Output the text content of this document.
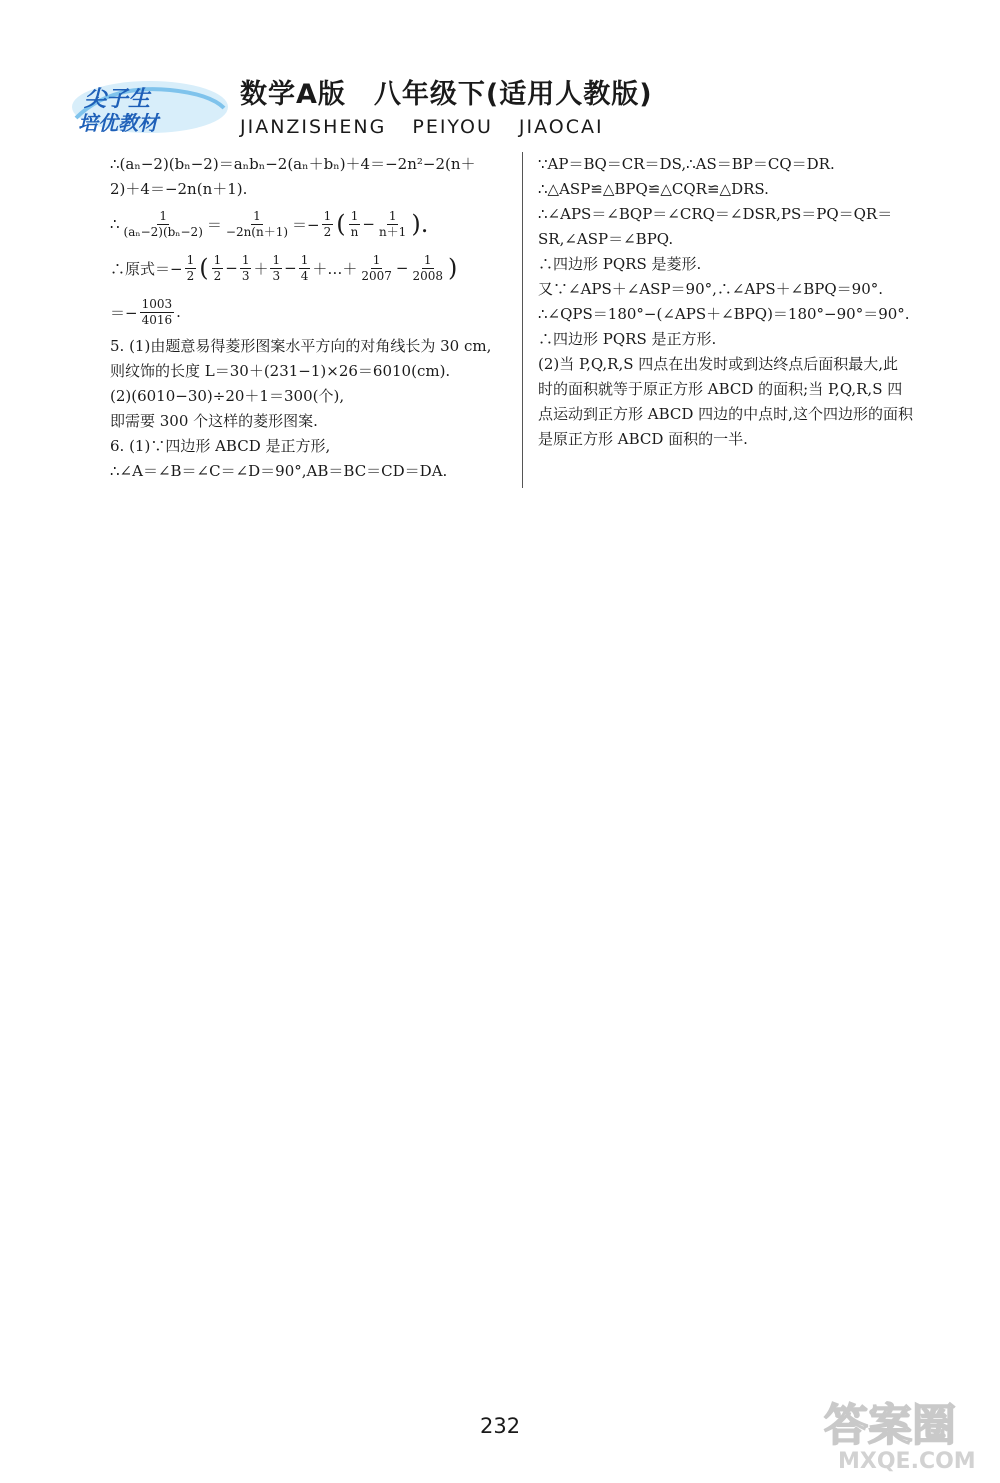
尖子生
培优教材
数学A版　八年级下(适用人教版)
JIANZISHENG PEIYOU JIAOCAI
∴(aₙ−2)(bₙ−2)＝aₙbₙ−2(aₙ＋bₙ)＋4＝−2n²−2(n＋
2)＋4＝−2n(n＋1).
∴ $\frac{1}{\text{(aₙ−2)(bₙ−2)}} = \frac{1}{-2n(n+1)} =- \frac{1}{2}$ ( $\frac{1}{n} - \frac{1}{n+1}$ ).
∴原式＝− $\frac{1}{2}$ ( $\frac{1}{2} - \frac{1}{3} + \frac{1}{3} - \frac{1}{4}$ ＋…＋ $\frac{1}{2007} - \frac{1}{2008}$ )
＝− $\frac{1003}{4016}$ .
5. (1)由题意易得菱形图案水平方向的对角线长为 30 cm,
则纹饰的长度 L＝30＋(231−1)×26＝6010(cm).
(2)(6010−30)÷20＋1＝300(个),
即需要 300 个这样的菱形图案.
6. (1)∵四边形 ABCD 是正方形,
∴∠A＝∠B＝∠C＝∠D＝90°,AB＝BC＝CD＝DA.
∵AP＝BQ＝CR＝DS,∴AS＝BP＝CQ＝DR.
∴△ASP≌△BPQ≌△CQR≌△DRS.
∴∠APS＝∠BQP＝∠CRQ＝∠DSR,PS＝PQ＝QR＝
SR,∠ASP＝∠BPQ.
∴四边形 PQRS 是菱形.
又∵∠APS＋∠ASP＝90°,∴∠APS＋∠BPQ＝90°.
∴∠QPS＝180°−(∠APS＋∠BPQ)＝180°−90°＝90°.
∴四边形 PQRS 是正方形.
(2)当 P,Q,R,S 四点在出发时或到达终点后面积最大,此
时的面积就等于原正方形 ABCD 的面积;当 P,Q,R,S 四
点运动到正方形 ABCD 四边的中点时,这个四边形的面积
是原正方形 ABCD 面积的一半.
232	答案圈
MXQE.COM
